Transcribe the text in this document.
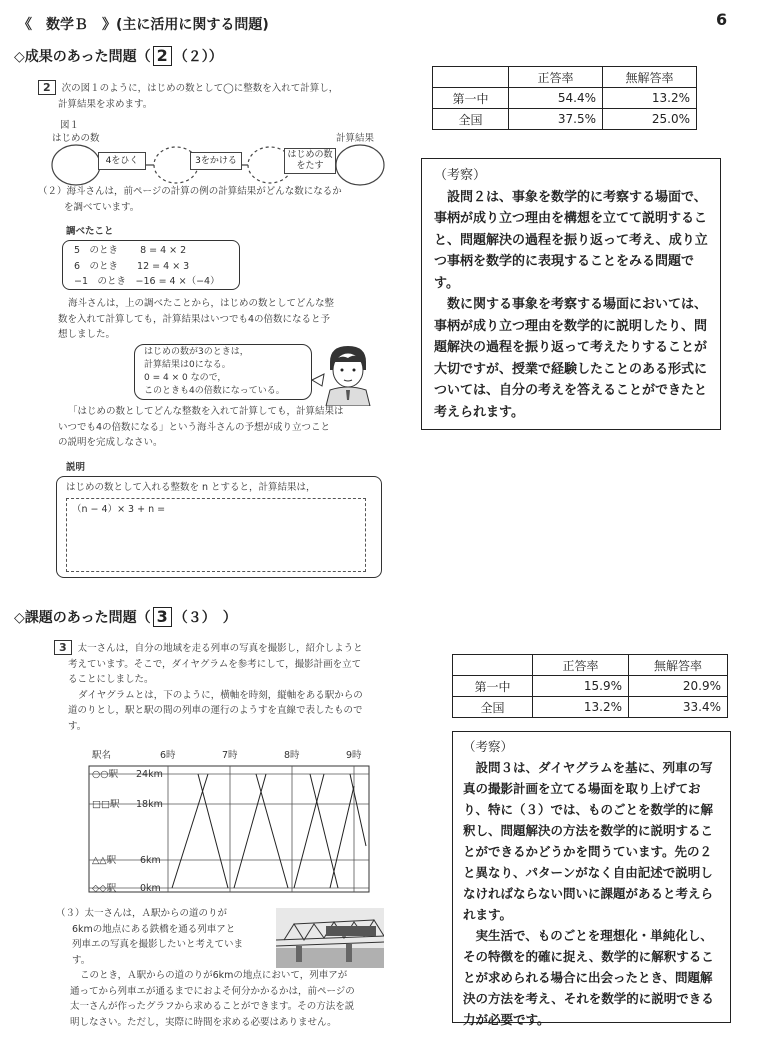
《　数学Ｂ　》(主に活用に関する問題)	6
◇成果のあった問題（ 2 （２））
2 次の図１のように，はじめの数として◯に整数を入れて計算し，
計算結果を求めます。
図１
はじめの数	計算結果
4をひく	3をかける
はじめの数をたす
（２）海斗さんは，前ページの計算の例の計算結果がどんな数になるか
を調べています。
調べたこと
5　のとき　　 8 = 4 × 2
6　のとき　　12 = 4 × 3
−1　のとき　−16 = 4 ×（−4）
海斗さんは，上の調べたことから，はじめの数としてどんな整
数を入れて計算しても，計算結果はいつでも4の倍数になると予
想しました。
はじめの数が3のときは，
計算結果は0になる。
0 = 4 × 0 なので，
このときも4の倍数になっている。
「はじめの数としてどんな整数を入れて計算しても，計算結果は
いつでも4の倍数になる」という海斗さんの予想が成り立つこと
の説明を完成しなさい。
説明
はじめの数として入れる整数を n とすると，計算結果は，
（n − 4）× 3 + n =
	正答率	無解答率
第一中	54.4%	13.2%
全国	37.5%	25.0%
（考察）

設問２は、事象を数学的に考察する場面で、事柄が成り立つ理由を構想を立てて説明すること、問題解決の過程を振り返って考え、成り立つ事柄を数学的に表現することをみる問題です。

数に関する事象を考察する場面においては、事柄が成り立つ理由を数学的に説明したり、問題解決の過程を振り返って考えたりすることが大切ですが、授業で経験したことのある形式については、自分の考えを答えることができたと考えられます。

◇課題のあった問題（ 3 （３）　）
3 太一さんは，自分の地域を走る列車の写真を撮影し，紹介しようと
考えています。そこで，ダイヤグラムを参考にして，撮影計画を立て
ることにしました。
ダイヤグラムとは，下のように，横軸を時刻，縦軸をある駅からの
道のりとし，駅と駅の間の列車の運行のようすを直線で表したもので
す。
駅名	6時	7時	8時	9時
○○駅 24km
□□駅 18km
△△駅	6km
◇◇駅	0km
（３）太一さんは，Ａ駅からの道のりが
6kmの地点にある鉄橋を通る列車アと
列車エの写真を撮影したいと考えていま
す。
このとき，Ａ駅からの道のりが6kmの地点において，列車アが
通ってから列車エが通るまでにおよそ何分かかるかは，前ページの
太一さんが作ったグラフから求めることができます。その方法を説
明しなさい。ただし，実際に時間を求める必要はありません。
	正答率	無解答率
第一中	15.9%	20.9%
全国	13.2%	33.4%
（考察）

設問３は、ダイヤグラムを基に、列車の写真の撮影計画を立てる場面を取り上げており、特に（３）では、ものごとを数学的に解釈し、問題解決の方法を数学的に説明することができるかどうかを問うています。先の２と異なり、パターンがなく自由記述で説明しなければならない問いに課題があると考えられます。

実生活で、ものごとを理想化・単純化し、その特徴を的確に捉え、数学的に解釈することが求められる場合に出会ったとき、問題解決の方法を考え、それを数学的に説明できる力が必要です。
